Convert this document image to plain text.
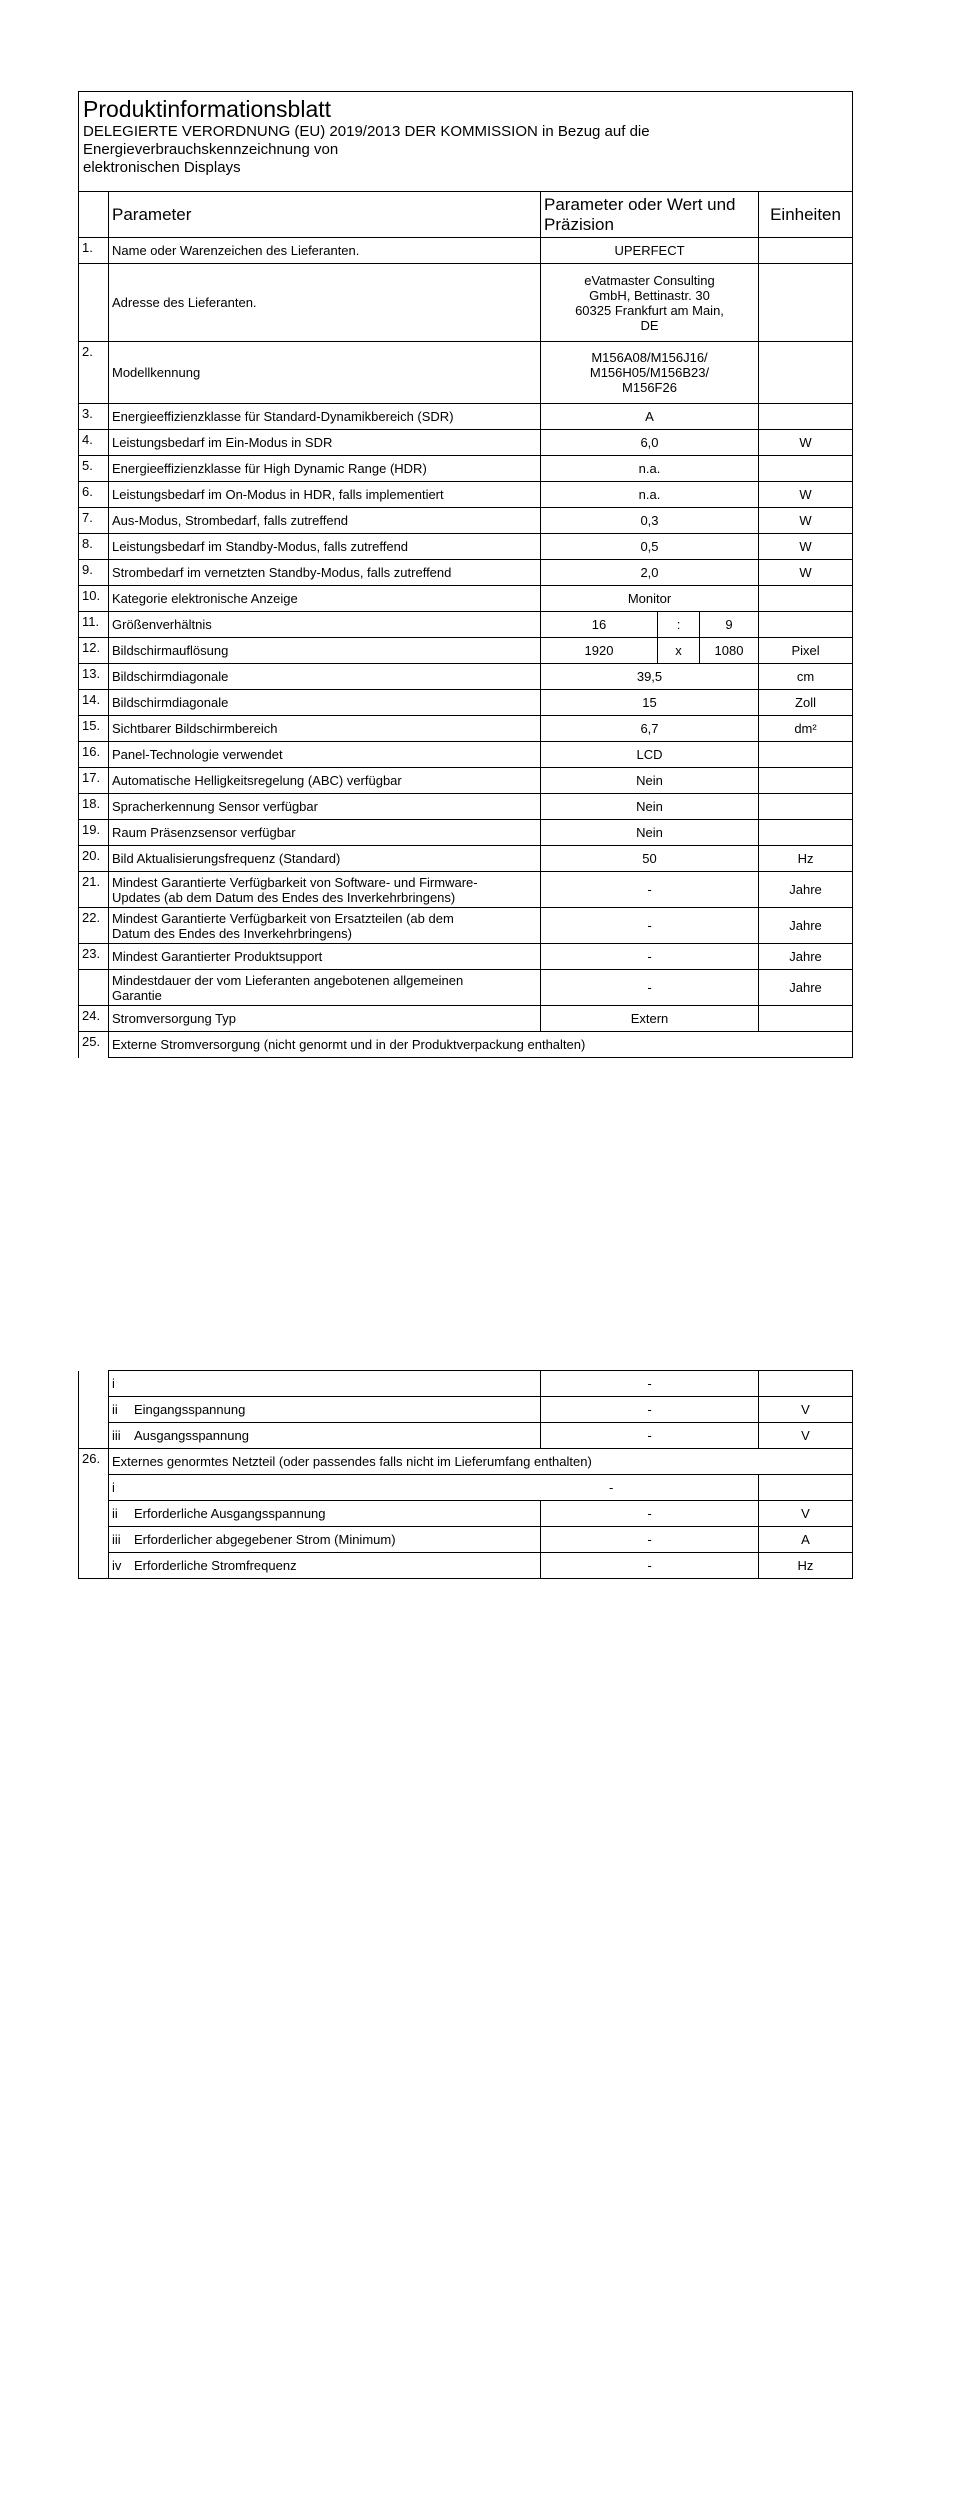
Produktinformationsblatt
DELEGIERTE VERORDNUNG (EU) 2019/2013 DER KOMMISSION in Bezug auf die
Energieverbrauchskennzeichnung von
elektronischen Displays					

	Parameter	Parameter oder Wert und Präzision			Einheiten
1.	Name oder Warenzeichen des Lieferanten.	UPERFECT			
	Adresse des Lieferanten.	eVatmaster Consulting
GmbH, Bettinastr. 30
60325 Frankfurt am Main,
DE			

2.	Modellkennung	M156A08/M156J16/
M156H05/M156B23/
M156F26			

3.	Energieeffizienzklasse für Standard-Dynamikbereich (SDR)	A			
4.	Leistungsbedarf im Ein-Modus in SDR	6,0			W
5.	Energieeffizienzklasse für High Dynamic Range (HDR)	n.a.			
6.	Leistungsbedarf im On-Modus in HDR, falls implementiert	n.a.			W
7.	Aus-Modus, Strombedarf, falls zutreffend	0,3			W
8.	Leistungsbedarf im Standby-Modus, falls zutreffend	0,5			W
9.	Strombedarf im vernetzten Standby-Modus, falls zutreffend	2,0			W
10.	Kategorie elektronische Anzeige	Monitor			
11.	Größenverhältnis	16	:	9	
12.	Bildschirmauflösung	1920	x	1080	Pixel
13.	Bildschirmdiagonale	39,5			cm
14.	Bildschirmdiagonale	15			Zoll
15.	Sichtbarer Bildschirmbereich	6,7			dm²
16.	Panel-Technologie verwendet	LCD			
17.	Automatische Helligkeitsregelung (ABC) verfügbar	Nein			
18.	Spracherkennung Sensor verfügbar	Nein			
19.	Raum Präsenzsensor verfügbar	Nein			
20.	Bild Aktualisierungsfrequenz (Standard)	50			Hz
21.	Mindest Garantierte Verfügbarkeit von Software- und Firmware-
Updates (ab dem Datum des Endes des Inverkehrbringens)	-			Jahre
22.	Mindest Garantierte Verfügbarkeit von Ersatzteilen (ab dem
Datum des Endes des Inverkehrbringens)	-			Jahre
23.	Mindest Garantierter Produktsupport	-			Jahre

	Mindestdauer der vom Lieferanten angebotenen allgemeinen
Garantie	-			Jahre
24.	Stromversorgung Typ	Extern			
25.	Externe Stromversorgung (nicht genormt und in der Produktverpackung enthalten)				
	i	-	
	ii Eingangsspannung	-	V
	iii Ausgangsspannung	-	V
26.	Externes genormtes Netzteil (oder passendes falls nicht im Lieferumfang enthalten)		
	i -		

	ii Erforderliche Ausgangsspannung	-	V
	iii Erforderlicher abgegebener Strom (Minimum)	-	A
	iv Erforderliche Stromfrequenz	-	Hz
